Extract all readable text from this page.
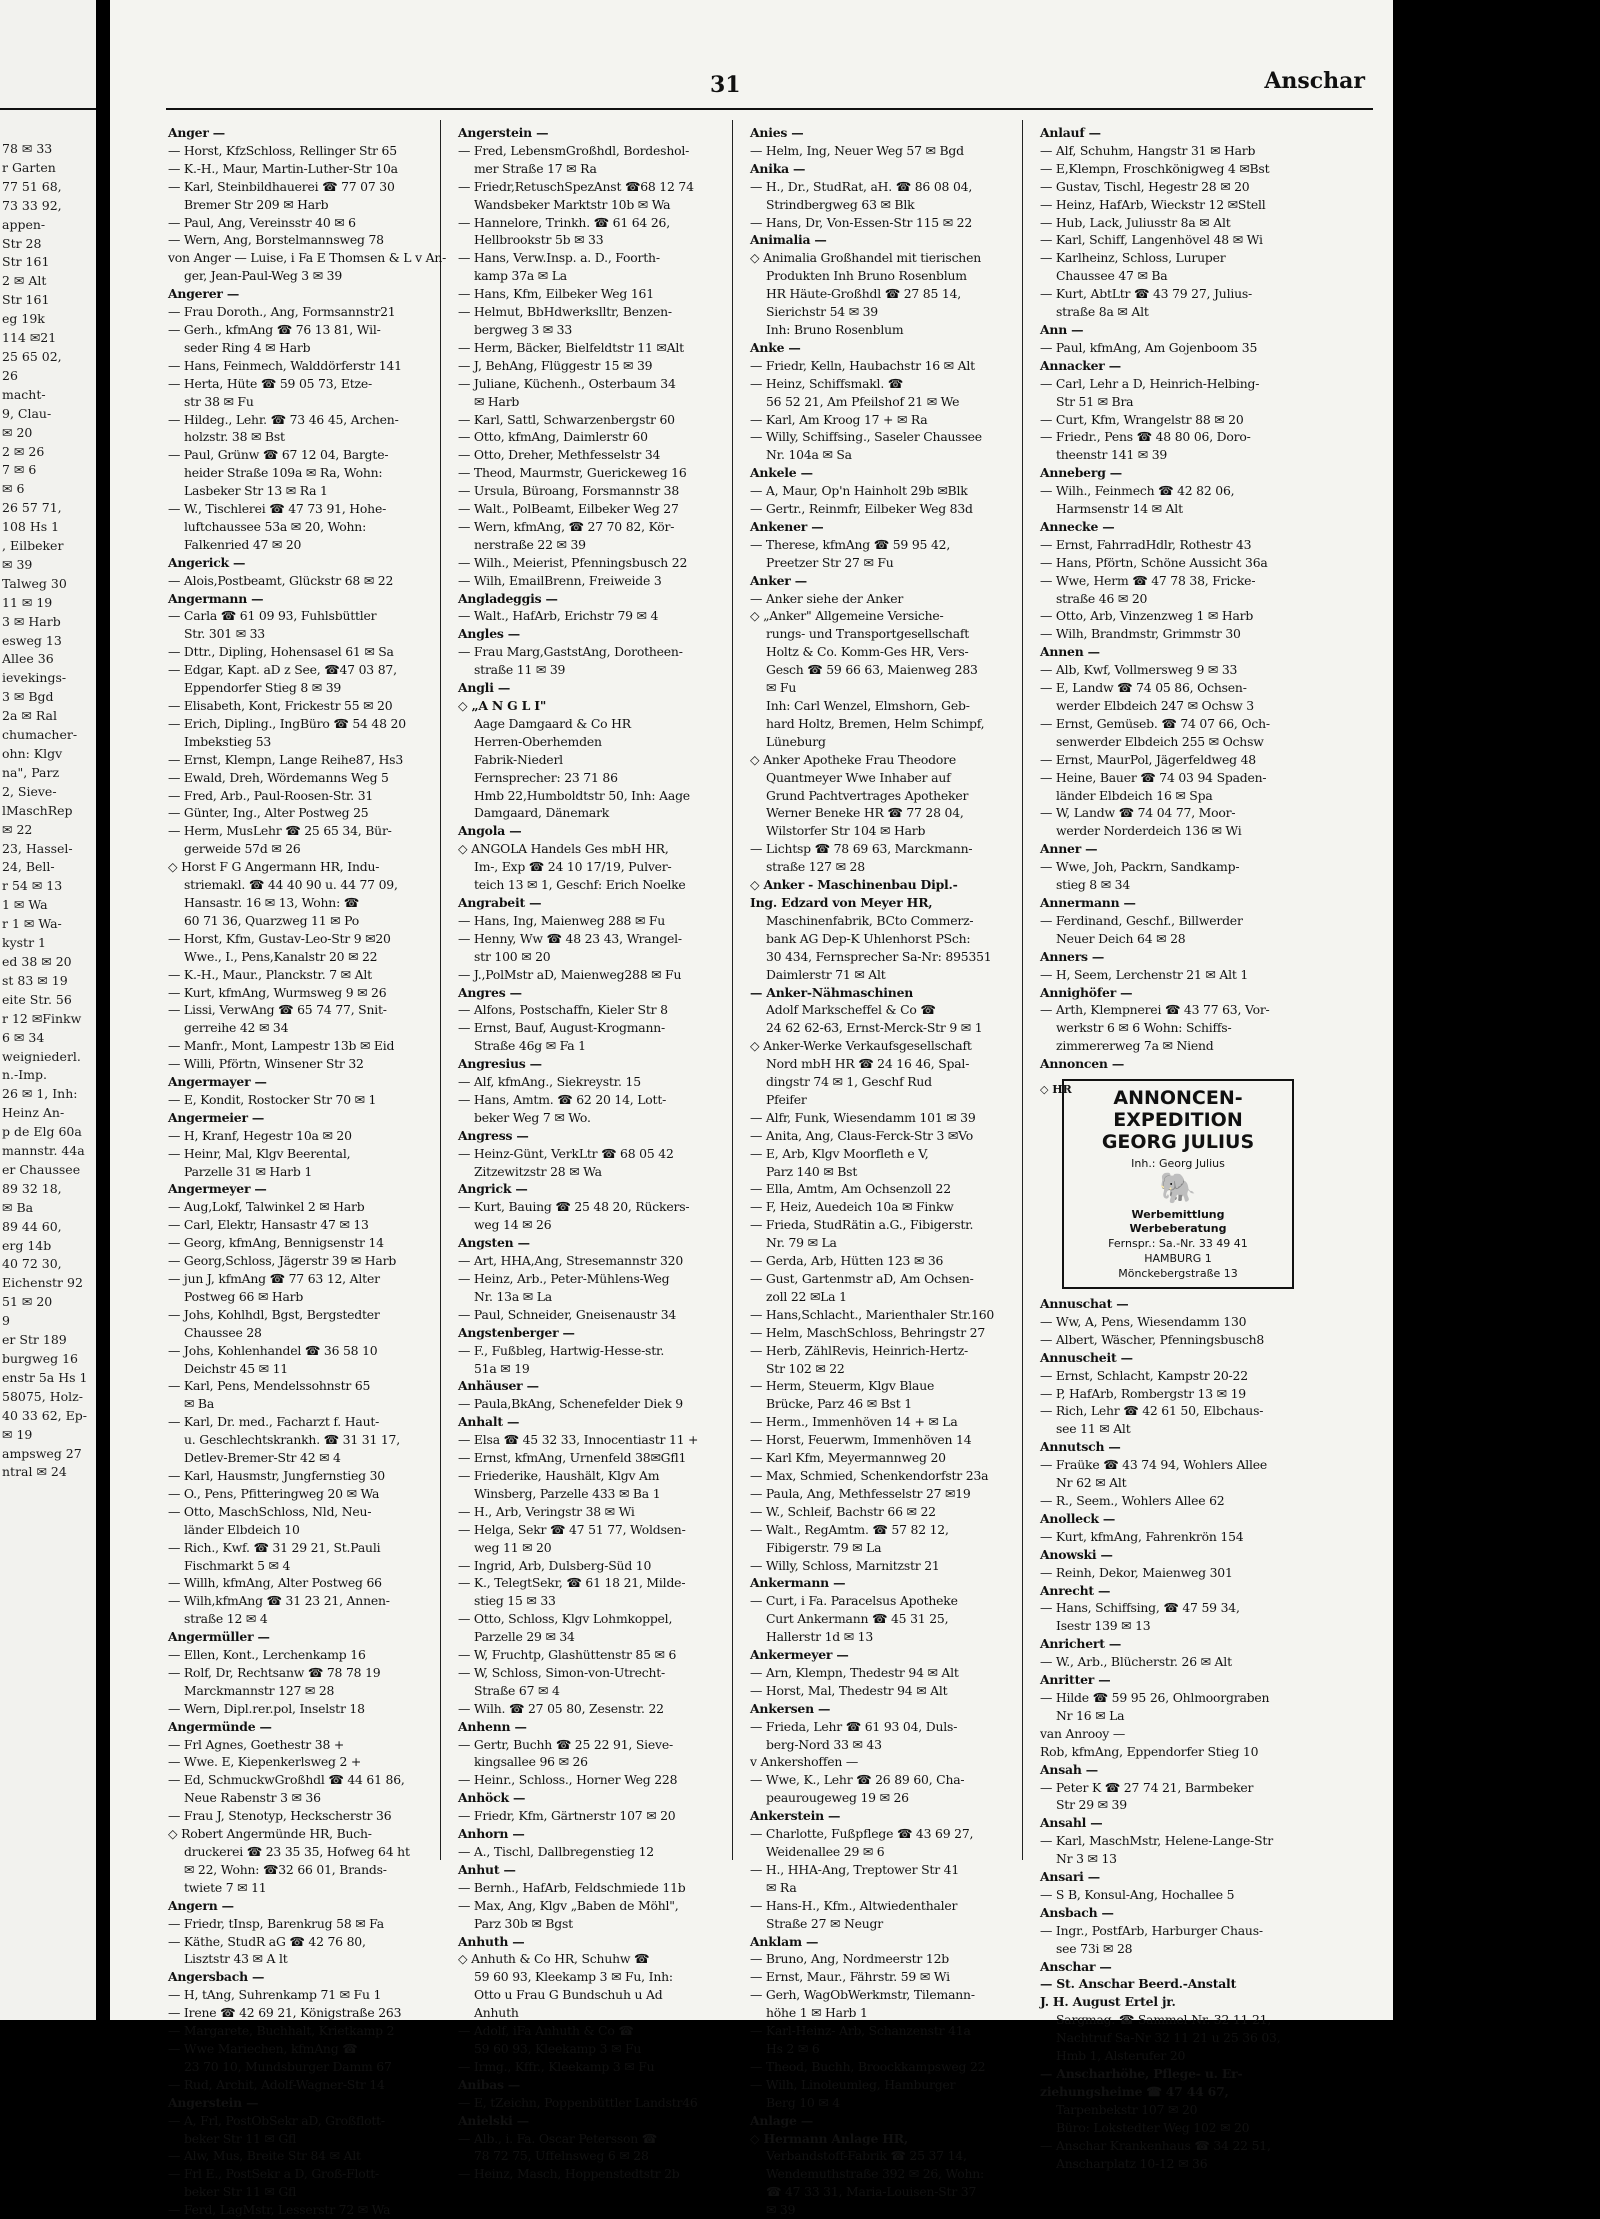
78 ✉ 33
r Garten
77 51 68,
73 33 92,
appen-
Str 28
Str 161
2 ✉ Alt
Str 161
eg 19k
114 ✉21
25 65 02,
26
macht-
9, Clau-
✉ 20
2 ✉ 26
7 ✉ 6
✉ 6
26 57 71,
108 Hs 1
, Eilbeker
✉ 39
Talweg 30
11 ✉ 19
3 ✉ Harb
esweg 13
Allee 36
ievekings-
3 ✉ Bgd
2a ✉ Ral
chumacher-
ohn: Klgv
na", Parz
2, Sieve-
lMaschRep
✉ 22
23, Hassel-
24, Bell-
r 54 ✉ 13
1 ✉ Wa
r 1 ✉ Wa-
kystr 1
ed 38 ✉ 20
st 83 ✉ 19
eite Str. 56
r 12 ✉Finkw
6 ✉ 34
weigniederl.
n.-Imp.
26 ✉ 1, Inh:
Heinz An-
p de Elg 60a
mannstr. 44a
er Chaussee
89 32 18,
✉ Ba
89 44 60,
erg 14b
40 72 30,
Eichenstr 92
51 ✉ 20
9
er Str 189
burgweg 16
enstr 5a Hs 1
58075, Holz-
40 33 62, Ep-
✉ 19
ampsweg 27
ntral ✉ 24
31	Anschar
Anger —
— Horst, KfzSchloss, Rellinger Str 65
— K.-H., Maur, Martin-Luther-Str 10a
— Karl, Steinbildhauerei ☎ 77 07 30
Bremer Str 209 ✉ Harb
— Paul, Ang, Vereinsstr 40 ✉ 6
— Wern, Ang, Borstelmannsweg 78
von Anger — Luise, i Fa E Thomsen & L v An-
ger, Jean-Paul-Weg 3 ✉ 39
Angerer —
— Frau Doroth., Ang, Formsannstr21
— Gerh., kfmAng ☎ 76 13 81, Wil-
seder Ring 4 ✉ Harb
— Hans, Feinmech, Walddörferstr 141
— Herta, Hüte ☎ 59 05 73, Etze-
str 38 ✉ Fu
— Hildeg., Lehr. ☎ 73 46 45, Archen-
holzstr. 38 ✉ Bst
— Paul, Grünw ☎ 67 12 04, Bargte-
heider Straße 109a ✉ Ra, Wohn:
Lasbeker Str 13 ✉ Ra 1
— W., Tischlerei ☎ 47 73 91, Hohe-
luftchaussee 53a ✉ 20, Wohn:
Falkenried 47 ✉ 20
Angerick —
— Alois,Postbeamt, Glückstr 68 ✉ 22
Angermann —
— Carla ☎ 61 09 93, Fuhlsbüttler
Str. 301 ✉ 33
— Dttr., Dipling, Hohensasel 61 ✉ Sa
— Edgar, Kapt. aD z See, ☎47 03 87,
Eppendorfer Stieg 8 ✉ 39
— Elisabeth, Kont, Frickestr 55 ✉ 20
— Erich, Dipling., IngBüro ☎ 54 48 20
Imbekstieg 53
— Ernst, Klempn, Lange Reihe87, Hs3
— Ewald, Dreh, Wördemanns Weg 5
— Fred, Arb., Paul-Roosen-Str. 31
— Günter, Ing., Alter Postweg 25
— Herm, MusLehr ☎ 25 65 34, Bür-
gerweide 57d ✉ 26
◇ Horst F G Angermann HR, Indu-
striemakl. ☎ 44 40 90 u. 44 77 09,
Hansastr. 16 ✉ 13, Wohn: ☎
60 71 36, Quarzweg 11 ✉ Po
— Horst, Kfm, Gustav-Leo-Str 9 ✉20
Wwe., I., Pens,Kanalstr 20 ✉ 22
— K.-H., Maur., Planckstr. 7 ✉ Alt
— Kurt, kfmAng, Wurmsweg 9 ✉ 26
— Lissi, VerwAng ☎ 65 74 77, Snit-
gerreihe 42 ✉ 34
— Manfr., Mont, Lampestr 13b ✉ Eid
— Willi, Pförtn, Winsener Str 32
Angermayer —
— E, Kondit, Rostocker Str 70 ✉ 1
Angermeier —
— H, Kranf, Hegestr 10a ✉ 20
— Heinr, Mal, Klgv Beerental,
Parzelle 31 ✉ Harb 1
Angermeyer —
— Aug,Lokf, Talwinkel 2 ✉ Harb
— Carl, Elektr, Hansastr 47 ✉ 13
— Georg, kfmAng, Bennigsenstr 14
— Georg,Schloss, Jägerstr 39 ✉ Harb
— jun J, kfmAng ☎ 77 63 12, Alter
Postweg 66 ✉ Harb
— Johs, Kohlhdl, Bgst, Bergstedter
Chaussee 28
— Johs, Kohlenhandel ☎ 36 58 10
Deichstr 45 ✉ 11
— Karl, Pens, Mendelssohnstr 65
✉ Ba
— Karl, Dr. med., Facharzt f. Haut-
u. Geschlechtskrankh. ☎ 31 31 17,
Detlev-Bremer-Str 42 ✉ 4
— Karl, Hausmstr, Jungfernstieg 30
— O., Pens, Pfitteringweg 20 ✉ Wa
— Otto, MaschSchloss, Nld, Neu-
länder Elbdeich 10
— Rich., Kwf. ☎ 31 29 21, St.Pauli
Fischmarkt 5 ✉ 4
— Willh, kfmAng, Alter Postweg 66
— Wilh,kfmAng ☎ 31 23 21, Annen-
straße 12 ✉ 4
Angermüller —
— Ellen, Kont., Lerchenkamp 16
— Rolf, Dr, Rechtsanw ☎ 78 78 19
Marckmannstr 127 ✉ 28
— Wern, Dipl.rer.pol, Inselstr 18
Angermünde —
— Frl Agnes, Goethestr 38 +
— Wwe. E, Kiepenkerlsweg 2 +
— Ed, SchmuckwGroßhdl ☎ 44 61 86,
Neue Rabenstr 3 ✉ 36
— Frau J, Stenotyp, Heckscherstr 36
◇ Robert Angermünde HR, Buch-
druckerei ☎ 23 35 35, Hofweg 64 ht
✉ 22, Wohn: ☎32 66 01, Brands-
twiete 7 ✉ 11
Angern —
— Friedr, tInsp, Barenkrug 58 ✉ Fa
— Käthe, StudR aG ☎ 42 76 80,
Lisztstr 43 ✉ A lt
Angersbach —
— H, tAng, Suhrenkamp 71 ✉ Fu 1
— Irene ☎ 42 69 21, Königstraße 263
— Margarete, Buchhalt, Krietkamp 2
— Wwe Mariechen, kfmAng ☎
23 70 10, Mundsburger Damm 67
— Rud, Archit, Adolf-Wagner-Str 14
Angerstein —
— A, Frl, PostObSekr aD, Großflott-
beker Str 11 ✉ Gfl
— Alw, Mus, Breite Str 84 ✉ Alt
— Frl E., PostSekr a D, Groß-Flott-
beker Str 11 ✉ Gfl
— Ferd, LagMstr, Lesserstr 72 ✉ Wa
Angerstein —
— Fred, LebensmGroßhdl, Bordeshol-
mer Straße 17 ✉ Ra
— Friedr,RetuschSpezAnst ☎68 12 74
Wandsbeker Marktstr 10b ✉ Wa
— Hannelore, Trinkh. ☎ 61 64 26,
Hellbrookstr 5b ✉ 33
— Hans, Verw.Insp. a. D., Foorth-
kamp 37a ✉ La
— Hans, Kfm, Eilbeker Weg 161
— Helmut, BbHdwerkslltr, Benzen-
bergweg 3 ✉ 33
— Herm, Bäcker, Bielfeldtstr 11 ✉Alt
— J, BehAng, Flüggestr 15 ✉ 39
— Juliane, Küchenh., Osterbaum 34
✉ Harb
— Karl, Sattl, Schwarzenbergstr 60
— Otto, kfmAng, Daimlerstr 60
— Otto, Dreher, Methfesselstr 34
— Theod, Maurmstr, Guerickeweg 16
— Ursula, Büroang, Forsmannstr 38
— Walt., PolBeamt, Eilbeker Weg 27
— Wern, kfmAng, ☎ 27 70 82, Kör-
nerstraße 22 ✉ 39
— Wilh., Meierist, Pfenningsbusch 22
— Wilh, EmailBrenn, Freiweide 3
Angladeggis —
— Walt., HafArb, Erichstr 79 ✉ 4
Angles —
— Frau Marg,GaststAng, Dorotheen-
straße 11 ✉ 39
Angli —
◇ „A N G L I"
Aage Damgaard & Co HR
Herren-Oberhemden
Fabrik-Niederl
Fernsprecher: 23 71 86
Hmb 22,Humboldtstr 50, Inh: Aage
Damgaard, Dänemark
Angola —
◇ ANGOLA Handels Ges mbH HR,
Im-, Exp ☎ 24 10 17/19, Pulver-
teich 13 ✉ 1, Geschf: Erich Noelke
Angrabeit —
— Hans, Ing, Maienweg 288 ✉ Fu
— Henny, Ww ☎ 48 23 43, Wrangel-
str 100 ✉ 20
— J.,PolMstr aD, Maienweg288 ✉ Fu
Angres —
— Alfons, Postschaffn, Kieler Str 8
— Ernst, Bauf, August-Krogmann-
Straße 46g ✉ Fa 1
Angresius —
— Alf, kfmAng., Siekreystr. 15
— Hans, Amtm. ☎ 62 20 14, Lott-
beker Weg 7 ✉ Wo.
Angress —
— Heinz-Günt, VerkLtr ☎ 68 05 42
Zitzewitzstr 28 ✉ Wa
Angrick —
— Kurt, Bauing ☎ 25 48 20, Rückers-
weg 14 ✉ 26
Angsten —
— Art, HHA,Ang, Stresemannstr 320
— Heinz, Arb., Peter-Mühlens-Weg
Nr. 13a ✉ La
— Paul, Schneider, Gneisenaustr 34
Angstenberger —
— F., Fußbleg, Hartwig-Hesse-str.
51a ✉ 19
Anhäuser —
— Paula,BkAng, Schenefelder Diek 9
Anhalt —
— Elsa ☎ 45 32 33, Innocentiastr 11 +
— Ernst, kfmAng, Urnenfeld 38✉Gfl1
— Friederike, Haushält, Klgv Am
Winsberg, Parzelle 433 ✉ Ba 1
— H., Arb, Veringstr 38 ✉ Wi
— Helga, Sekr ☎ 47 51 77, Woldsen-
weg 11 ✉ 20
— Ingrid, Arb, Dulsberg-Süd 10
— K., TelegtSekr, ☎ 61 18 21, Milde-
stieg 15 ✉ 33
— Otto, Schloss, Klgv Lohmkoppel,
Parzelle 29 ✉ 34
— W, Fruchtp, Glashüttenstr 85 ✉ 6
— W, Schloss, Simon-von-Utrecht-
Straße 67 ✉ 4
— Wilh. ☎ 27 05 80, Zesenstr. 22
Anhenn —
— Gertr, Buchh ☎ 25 22 91, Sieve-
kingsallee 96 ✉ 26
— Heinr., Schloss., Horner Weg 228
Anhöck —
— Friedr, Kfm, Gärtnerstr 107 ✉ 20
Anhorn —
— A., Tischl, Dallbregenstieg 12
Anhut —
— Bernh., HafArb, Feldschmiede 11b
— Max, Ang, Klgv „Baben de Möhl",
Parz 30b ✉ Bgst
Anhuth —
◇ Anhuth & Co HR, Schuhw ☎
59 60 93, Kleekamp 3 ✉ Fu, Inh:
Otto u Frau G Bundschuh u Ad
Anhuth
— Adolf, iFa Anhuth & Co ☎
59 60 93, Kleekamp 3 ✉ Fu
— Irmg., Kffr., Kleekamp 3 ✉ Fu
Anibas —
— E, tZeichn, Poppenbüttler Landstr46
Anielski —
— Alb., i. Fa. Oscar Petersson ☎
78 72 75, Uffelnsweg 6 ✉ 28
— Heinz, Masch, Hoppenstedtstr 2b
Anies —
— Helm, Ing, Neuer Weg 57 ✉ Bgd
Anika —
— H., Dr., StudRat, aH. ☎ 86 08 04,
Strindbergweg 63 ✉ Blk
— Hans, Dr, Von-Essen-Str 115 ✉ 22
Animalia —
◇ Animalia Großhandel mit tierischen
Produkten Inh Bruno Rosenblum
HR Häute-Großhdl ☎ 27 85 14,
Sierichstr 54 ✉ 39
Inh: Bruno Rosenblum
Anke —
— Friedr, Kelln, Haubachstr 16 ✉ Alt
— Heinz, Schiffsmakl. ☎
56 52 21, Am Pfeilshof 21 ✉ We
— Karl, Am Kroog 17 + ✉ Ra
— Willy, Schiffsing., Saseler Chaussee
Nr. 104a ✉ Sa
Ankele —
— A, Maur, Op'n Hainholt 29b ✉Blk
— Gertr., Reinmfr, Eilbeker Weg 83d
Ankener —
— Therese, kfmAng ☎ 59 95 42,
Preetzer Str 27 ✉ Fu
Anker —
— Anker siehe der Anker
◇ „Anker" Allgemeine Versiche-
rungs- und Transportgesellschaft
Holtz & Co. Komm-Ges HR, Vers-
Gesch ☎ 59 66 63, Maienweg 283
✉ Fu
Inh: Carl Wenzel, Elmshorn, Geb-
hard Holtz, Bremen, Helm Schimpf,
Lüneburg
◇ Anker Apotheke Frau Theodore
Quantmeyer Wwe Inhaber auf
Grund Pachtvertrages Apotheker
Werner Beneke HR ☎ 77 28 04,
Wilstorfer Str 104 ✉ Harb
— Lichtsp ☎ 78 69 63, Marckmann-
straße 127 ✉ 28
◇ Anker - Maschinenbau Dipl.-
Ing. Edzard von Meyer HR,
Maschinenfabrik, BCto Commerz-
bank AG Dep-K Uhlenhorst PSch:
30 434, Fernsprecher Sa-Nr: 895351
Daimlerstr 71 ✉ Alt
— Anker-Nähmaschinen
Adolf Markscheffel & Co ☎
24 62 62-63, Ernst-Merck-Str 9 ✉ 1
◇ Anker-Werke Verkaufsgesellschaft
Nord mbH HR ☎ 24 16 46, Spal-
dingstr 74 ✉ 1, Geschf Rud
Pfeifer
— Alfr, Funk, Wiesendamm 101 ✉ 39
— Anita, Ang, Claus-Ferck-Str 3 ✉Vo
— E, Arb, Klgv Moorfleth e V,
Parz 140 ✉ Bst
— Ella, Amtm, Am Ochsenzoll 22
— F, Heiz, Auedeich 10a ✉ Finkw
— Frieda, StudRätin a.G., Fibigerstr.
Nr. 79 ✉ La
— Gerda, Arb, Hütten 123 ✉ 36
— Gust, Gartenmstr aD, Am Ochsen-
zoll 22 ✉La 1
— Hans,Schlacht., Marienthaler Str.160
— Helm, MaschSchloss, Behringstr 27
— Herb, ZählRevis, Heinrich-Hertz-
Str 102 ✉ 22
— Herm, Steuerm, Klgv Blaue
Brücke, Parz 46 ✉ Bst 1
— Herm., Immenhöven 14 + ✉ La
— Horst, Feuerwm, Immenhöven 14
— Karl Kfm, Meyermannweg 20
— Max, Schmied, Schenkendorfstr 23a
— Paula, Ang, Methfesselstr 27 ✉19
— W., Schleif, Bachstr 66 ✉ 22
— Walt., RegAmtm. ☎ 57 82 12,
Fibigerstr. 79 ✉ La
— Willy, Schloss, Marnitzstr 21
Ankermann —
— Curt, i Fa. Paracelsus Apotheke
Curt Ankermann ☎ 45 31 25,
Hallerstr 1d ✉ 13
Ankermeyer —
— Arn, Klempn, Thedestr 94 ✉ Alt
— Horst, Mal, Thedestr 94 ✉ Alt
Ankersen —
— Frieda, Lehr ☎ 61 93 04, Duls-
berg-Nord 33 ✉ 43
v Ankershoffen —
— Wwe, K., Lehr ☎ 26 89 60, Cha-
peaurougeweg 19 ✉ 26
Ankerstein —
— Charlotte, Fußpflege ☎ 43 69 27,
Weidenallee 29 ✉ 6
— H., HHA-Ang, Treptower Str 41
✉ Ra
— Hans-H., Kfm., Altwiedenthaler
Straße 27 ✉ Neugr
Anklam —
— Bruno, Ang, Nordmeerstr 12b
— Ernst, Maur., Fährstr. 59 ✉ Wi
— Gerh, WagObWerkmstr, Tilemann-
höhe 1 ✉ Harb 1
— Karl-Heinz- Arb, Schanzenstr 41a
Hs 2 ✉ 6
— Theod, Buchh, Broockkampsweg 22
— Wilh, Linoleumleg, Hamburger
Berg 10 ✉ 4
Anlage —
◇ Hermann Anlage HR,
Verbandstoff-Fabrik ☎ 25 37 14,
Wendemuthstraße 392 ✉ 26, Wohn:
☎ 47 33 31, Maria-Louisen-Str 37
✉ 39
Anlauf —
— Alf, Schuhm, Hangstr 31 ✉ Harb
— E,Klempn, Froschkönigweg 4 ✉Bst
— Gustav, Tischl, Hegestr 28 ✉ 20
— Heinz, HafArb, Wieckstr 12 ✉Stell
— Hub, Lack, Juliusstr 8a ✉ Alt
— Karl, Schiff, Langenhövel 48 ✉ Wi
— Karlheinz, Schloss, Luruper
Chaussee 47 ✉ Ba
— Kurt, AbtLtr ☎ 43 79 27, Julius-
straße 8a ✉ Alt
Ann —
— Paul, kfmAng, Am Gojenboom 35
Annacker —
— Carl, Lehr a D, Heinrich-Helbing-
Str 51 ✉ Bra
— Curt, Kfm, Wrangelstr 88 ✉ 20
— Friedr., Pens ☎ 48 80 06, Doro-
theenstr 141 ✉ 39
Anneberg —
— Wilh., Feinmech ☎ 42 82 06,
Harmsenstr 14 ✉ Alt
Annecke —
— Ernst, FahrradHdlr, Rothestr 43
— Hans, Pförtn, Schöne Aussicht 36a
— Wwe, Herm ☎ 47 78 38, Fricke-
straße 46 ✉ 20
— Otto, Arb, Vinzenzweg 1 ✉ Harb
— Wilh, Brandmstr, Grimmstr 30
Annen —
— Alb, Kwf, Vollmersweg 9 ✉ 33
— E, Landw ☎ 74 05 86, Ochsen-
werder Elbdeich 247 ✉ Ochsw 3
— Ernst, Gemüseb. ☎ 74 07 66, Och-
senwerder Elbdeich 255 ✉ Ochsw
— Ernst, MaurPol, Jägerfeldweg 48
— Heine, Bauer ☎ 74 03 94 Spaden-
länder Elbdeich 16 ✉ Spa
— W, Landw ☎ 74 04 77, Moor-
werder Norderdeich 136 ✉ Wi
Anner —
— Wwe, Joh, Packrn, Sandkamp-
stieg 8 ✉ 34
Annermann —
— Ferdinand, Geschf., Billwerder
Neuer Deich 64 ✉ 28
Anners —
— H, Seem, Lerchenstr 21 ✉ Alt 1
Annighöfer —
— Arth, Klempnerei ☎ 43 77 63, Vor-
werkstr 6 ✉ 6 Wohn: Schiffs-
zimmererweg 7a ✉ Niend
Annoncen —
◇ HR	ANNONCEN-EXPEDITION
GEORG JULIUS
Inh.: Georg Julius
🐘
Werbemittlung
Werbeberatung
Fernspr.: Sa.-Nr. 33 49 41
HAMBURG 1
Mönckebergstraße 13
Annuschat —
— Ww, A, Pens, Wiesendamm 130
— Albert, Wäscher, Pfenningsbusch8
Annuscheit —
— Ernst, Schlacht, Kampstr 20-22
— P, HafArb, Rombergstr 13 ✉ 19
— Rich, Lehr ☎ 42 61 50, Elbchaus-
see 11 ✉ Alt
Annutsch —
— Fraüke ☎ 43 74 94, Wohlers Allee
Nr 62 ✉ Alt
— R., Seem., Wohlers Allee 62
Anolleck —
— Kurt, kfmAng, Fahrenkrön 154
Anowski —
— Reinh, Dekor, Maienweg 301
Anrecht —
— Hans, Schiffsing, ☎ 47 59 34,
Isestr 139 ✉ 13
Anrichert —
— W., Arb., Blücherstr. 26 ✉ Alt
Anritter —
— Hilde ☎ 59 95 26, Ohlmoorgraben
Nr 16 ✉ La
van Anrooy —
Rob, kfmAng, Eppendorfer Stieg 10
Ansah —
— Peter K ☎ 27 74 21, Barmbeker
Str 29 ✉ 39
Ansahl —
— Karl, MaschMstr, Helene-Lange-Str
Nr 3 ✉ 13
Ansari —
— S B, Konsul-Ang, Hochallee 5
Ansbach —
— Ingr., PostfArb, Harburger Chaus-
see 73i ✉ 28
Anschar —
— St. Anschar Beerd.-Anstalt
J. H. August Ertel jr.
Sargmag. ☎ Sammel-Nr. 32 11 21,
Nachtruf Sa-Nr 32 11 21 u 25 36 03,
Hmb 1, Alsterufer 20
— Anscharhöhe, Pflege- u. Er-
ziehungsheime ☎ 47 44 67,
Tarpenbekstr 107 ✉ 20
Büro: Lokstedter Weg 102 ✉ 20
— Anschar Krankenhaus ☎ 34 22 51,
Anscharplatz 10-12 ✉ 36
